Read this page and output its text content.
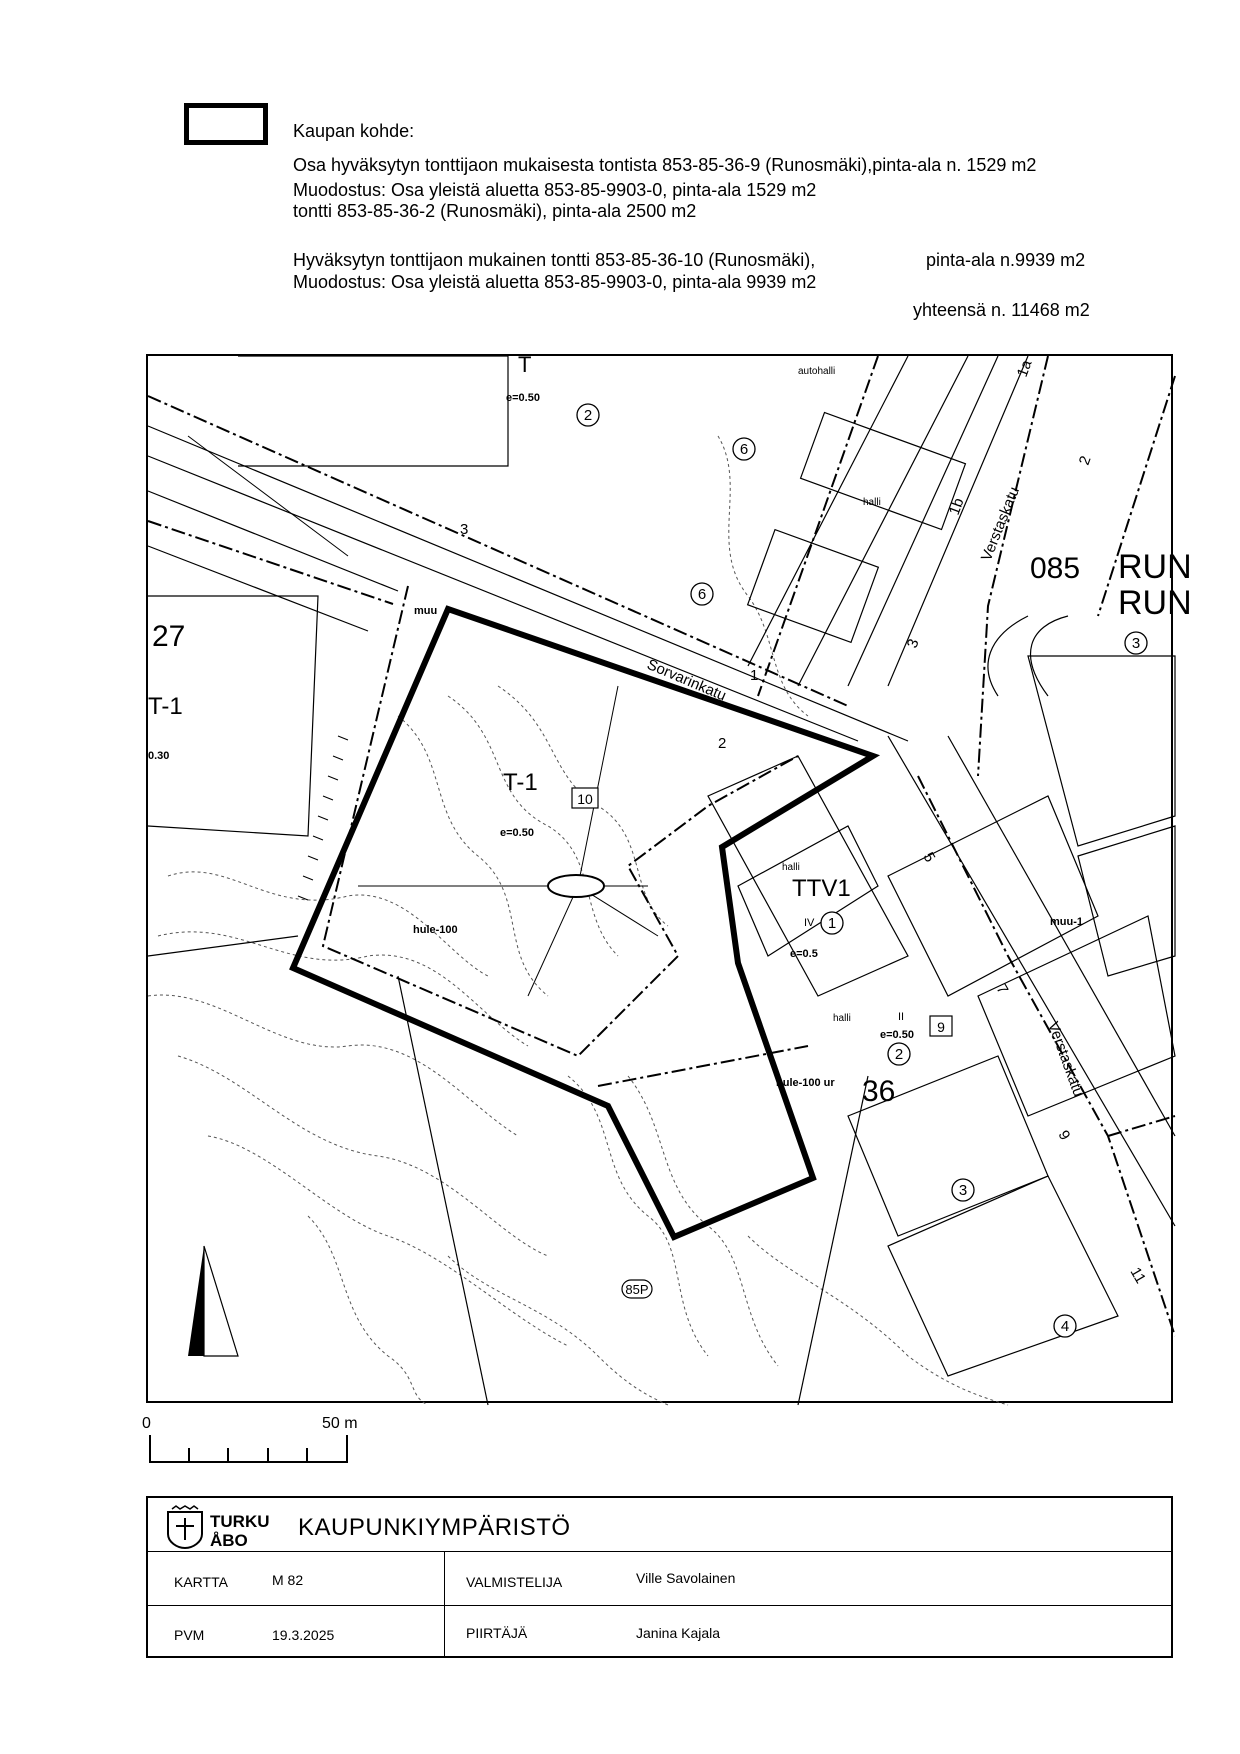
Kaupan kohde:
Osa hyväksytyn tonttijaon mukaisesta tontista 853-85-36-9 (Runosmäki),pinta-ala n. 1529 m2
Muodostus: Osa yleistä aluetta 853-85-9903-0, pinta-ala 1529 m2
tontti 853-85-36-2 (Runosmäki), pinta-ala 2500 m2
Hyväksytyn tonttijaon mukainen tontti 853-85-36-10 (Runosmäki),	pinta-ala n.9939 m2
Muodostus: Osa yleistä aluetta 853-85-9903-0, pinta-ala 9939 m2
yhteensä n. 11468 m2
2
6
6
3
1
2
3
4
10
9
85P
T-1
e=0.50
hule-100
TTV1
IV
e=0.5
II
e=0.50
hule-100 ur 36
27
085 RUN
RUN
T
e=0.50
T-1
0.30
muu
muu-1
autohalli
halli
halli
halli
Sorvarinkatu
Verstaskatu
Verstaskatu
3
2
5
7
9
11
1a
1b
3
2
1
0	50 m
TURKU
ÅBO KAUPUNKIYMPÄRISTÖ
KARTTA	M 82	VALMISTELIJA	Ville Savolainen
PVM	19.3.2025	PIIRTÄJÄ	Janina Kajala
